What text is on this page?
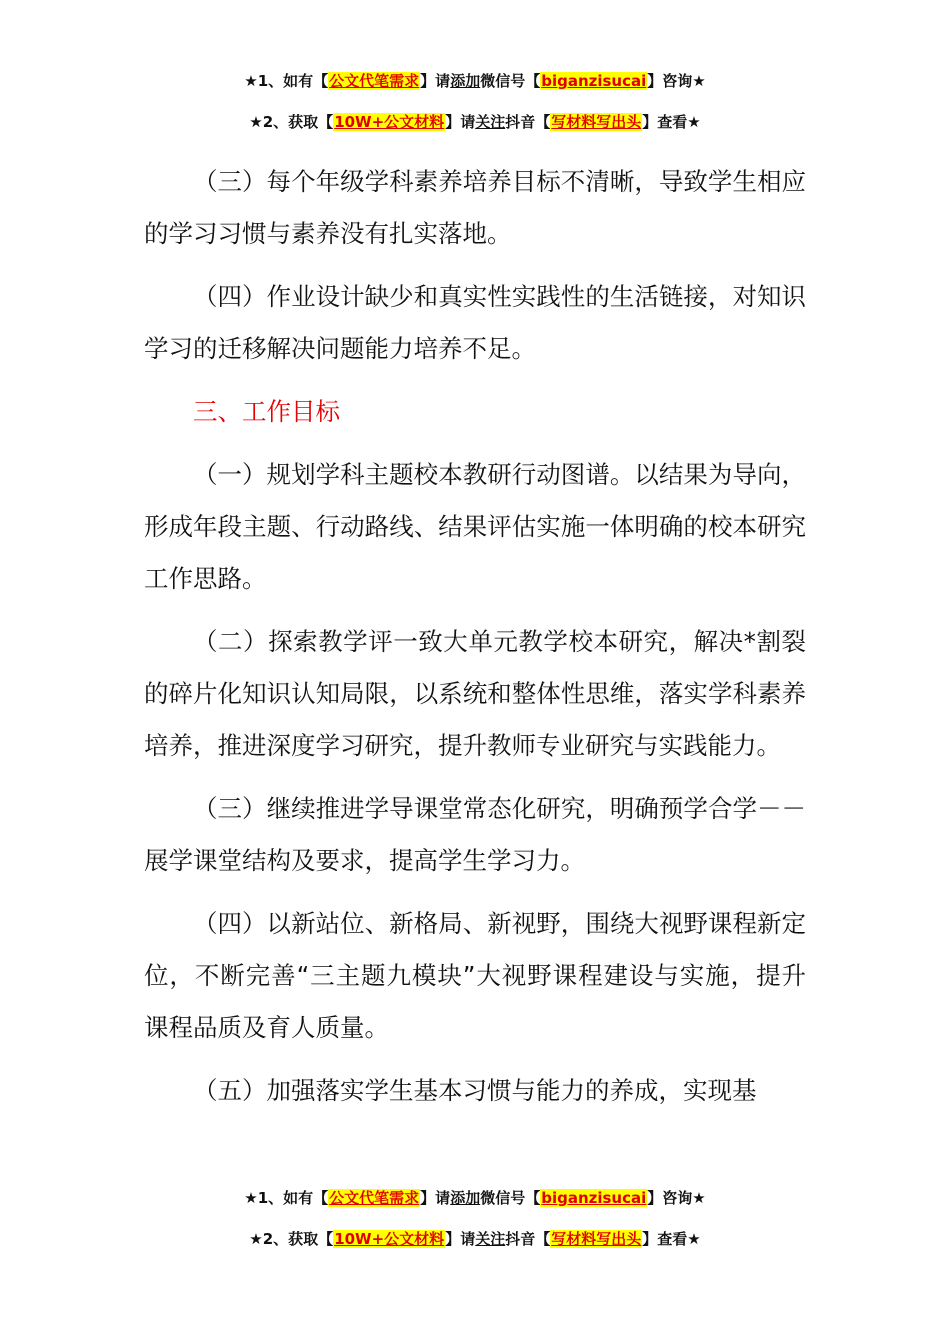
★1、如有【公文代笔需求】请添加微信号【biganzisucai】咨询★
★2、获取【10W+公文材料】请关注抖音【写材料写出头】查看★

（三）每个年级学科素养培养目标不清晰，导致学生相应的学习习惯与素养没有扎实落地。

（四）作业设计缺少和真实性实践性的生活链接，对知识学习的迁移解决问题能力培养不足。

三、工作目标

（一）规划学科主题校本教研行动图谱。以结果为导向，形成年段主题、行动路线、结果评估实施一体明确的校本研究工作思路。

（二）探索教学评一致大单元教学校本研究，解决*割裂的碎片化知识认知局限，以系统和整体性思维，落实学科素养培养，推进深度学习研究，提升教师专业研究与实践能力。

（三）继续推进学导课堂常态化研究，明确预学合学－－展学课堂结构及要求，提高学生学习力。

（四）以新站位、新格局、新视野，围绕大视野课程新定位，不断完善“三主题九模块”大视野课程建设与实施，提升课程品质及育人质量。

（五）加强落实学生基本习惯与能力的养成，实现基

★1、如有【公文代笔需求】请添加微信号【biganzisucai】咨询★
★2、获取【10W+公文材料】请关注抖音【写材料写出头】查看★
